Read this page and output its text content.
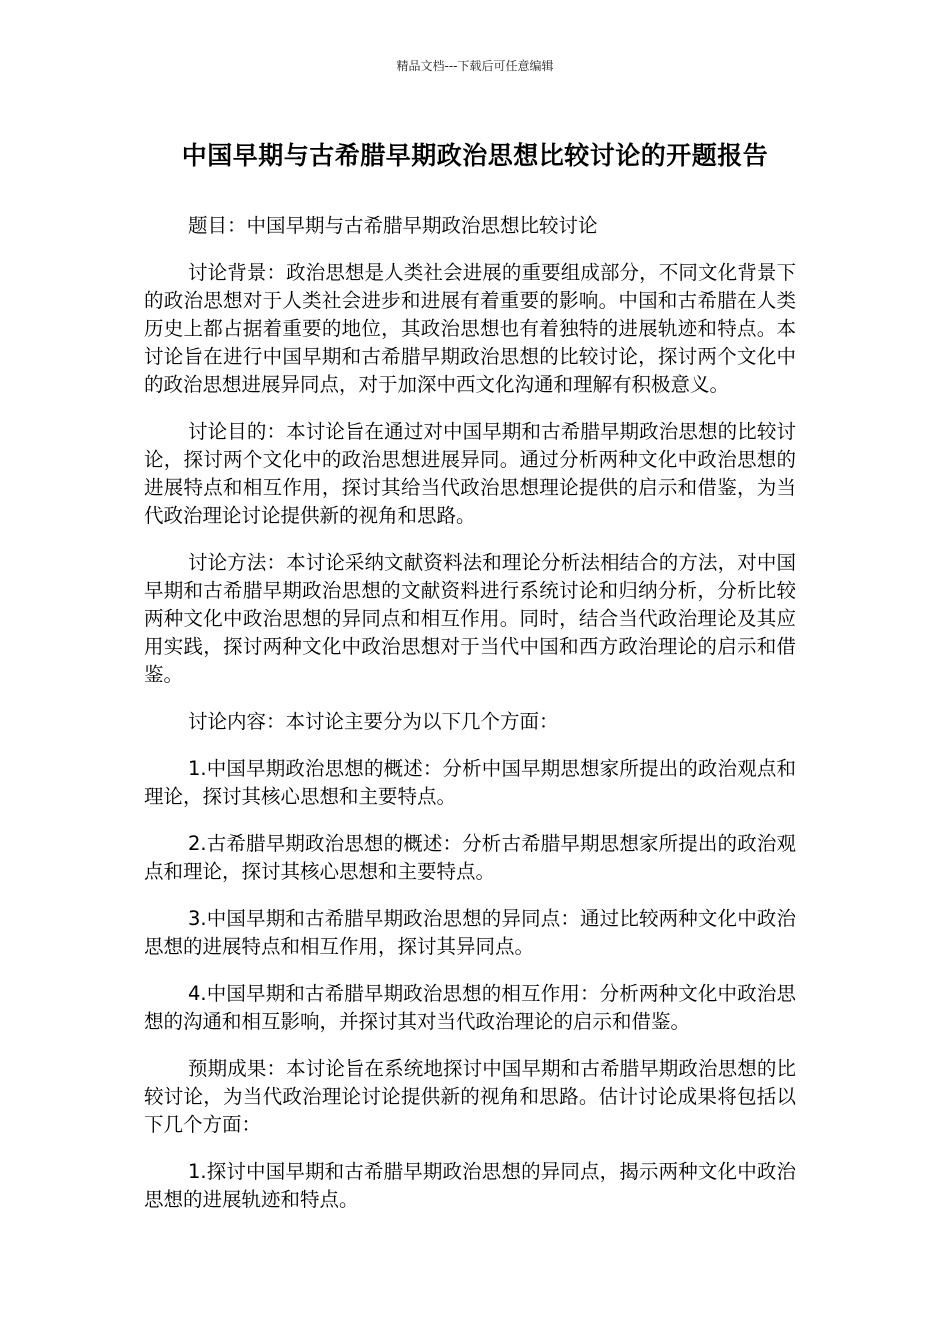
精品文档---下载后可任意编辑
中国早期与古希腊早期政治思想比较讨论的开题报告

题目：中国早期与古希腊早期政治思想比较讨论

讨论背景：政治思想是人类社会进展的重要组成部分，不同文化背景下的政治思想对于人类社会进步和进展有着重要的影响。中国和古希腊在人类历史上都占据着重要的地位，其政治思想也有着独特的进展轨迹和特点。本讨论旨在进行中国早期和古希腊早期政治思想的比较讨论，探讨两个文化中的政治思想进展异同点，对于加深中西文化沟通和理解有积极意义。

讨论目的：本讨论旨在通过对中国早期和古希腊早期政治思想的比较讨论，探讨两个文化中的政治思想进展异同。通过分析两种文化中政治思想的进展特点和相互作用，探讨其给当代政治思想理论提供的启示和借鉴，为当代政治理论讨论提供新的视角和思路。

讨论方法：本讨论采纳文献资料法和理论分析法相结合的方法，对中国早期和古希腊早期政治思想的文献资料进行系统讨论和归纳分析，分析比较两种文化中政治思想的异同点和相互作用。同时，结合当代政治理论及其应用实践，探讨两种文化中政治思想对于当代中国和西方政治理论的启示和借鉴。

讨论内容：本讨论主要分为以下几个方面：

1.中国早期政治思想的概述：分析中国早期思想家所提出的政治观点和理论，探讨其核心思想和主要特点。

2.古希腊早期政治思想的概述：分析古希腊早期思想家所提出的政治观点和理论，探讨其核心思想和主要特点。

3.中国早期和古希腊早期政治思想的异同点：通过比较两种文化中政治思想的进展特点和相互作用，探讨其异同点。

4.中国早期和古希腊早期政治思想的相互作用：分析两种文化中政治思想的沟通和相互影响，并探讨其对当代政治理论的启示和借鉴。

预期成果：本讨论旨在系统地探讨中国早期和古希腊早期政治思想的比较讨论，为当代政治理论讨论提供新的视角和思路。估计讨论成果将包括以下几个方面：

1.探讨中国早期和古希腊早期政治思想的异同点，揭示两种文化中政治思想的进展轨迹和特点。
